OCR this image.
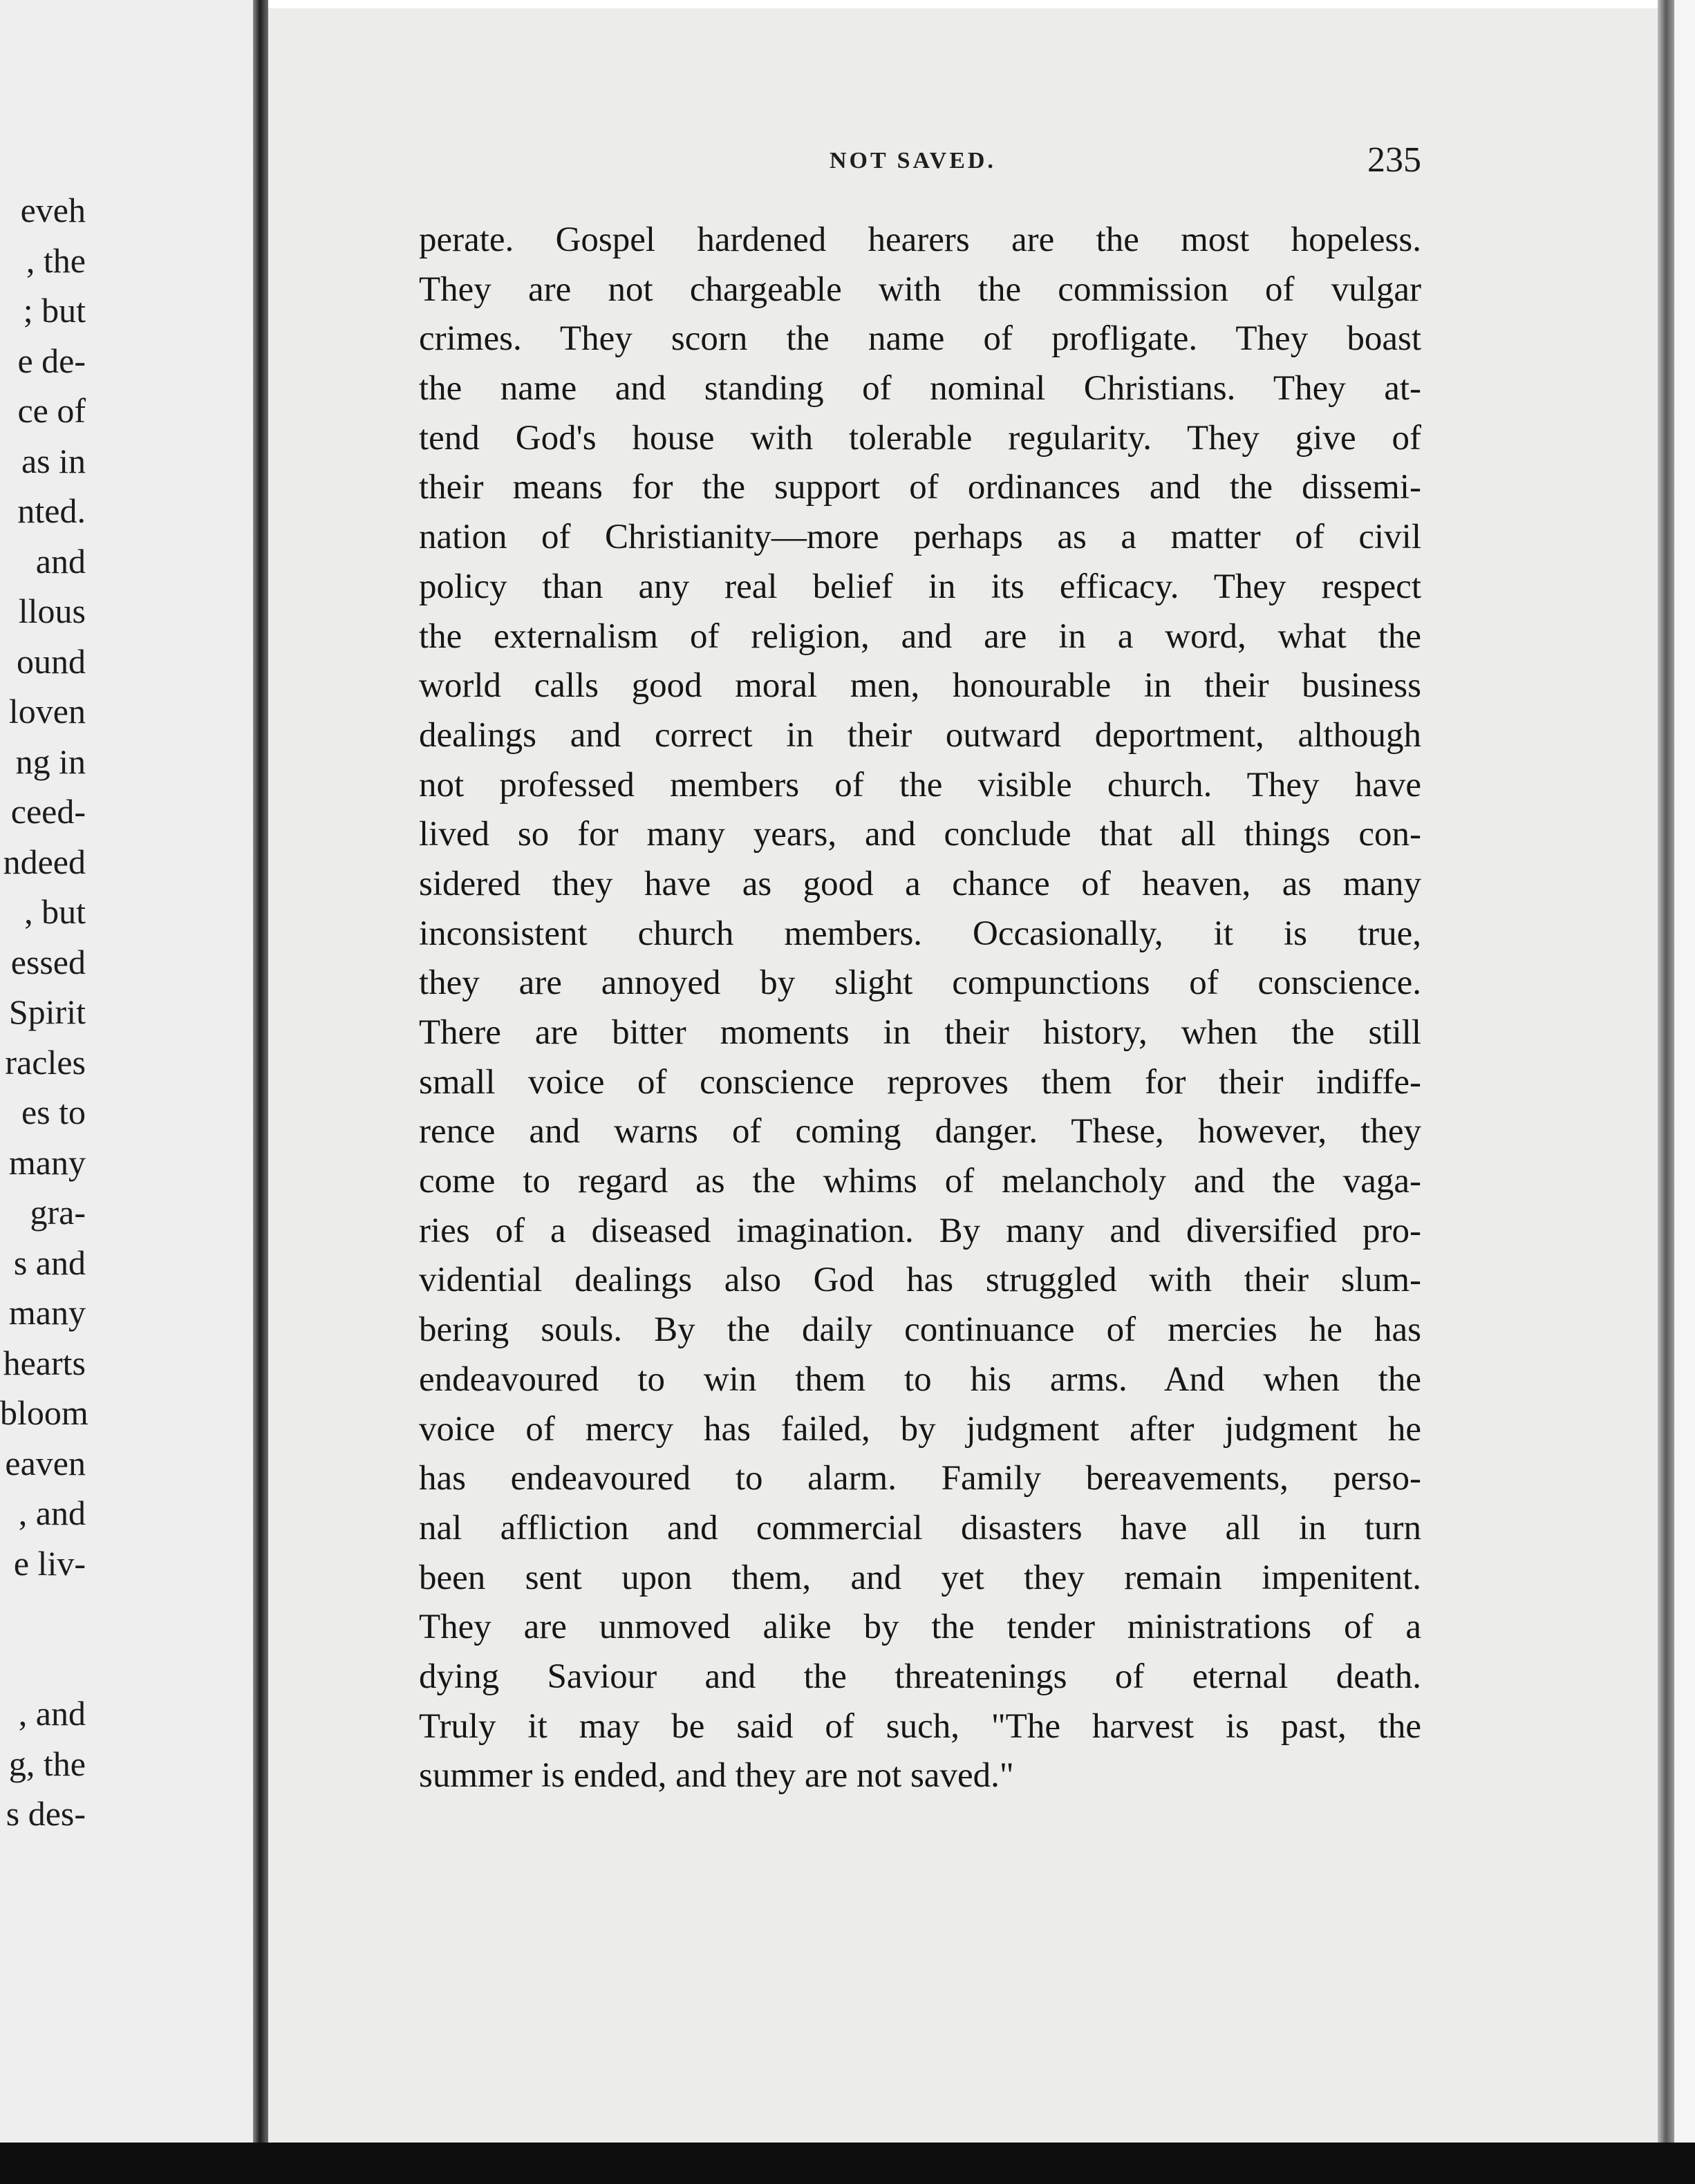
eveh
, the
; but
e de-
ce of
as in
nted.
and
llous
ound
loven
ng in
ceed-
ndeed
, but
essed
Spirit
racles
es to
many
gra-
s and
many
hearts
bloom
eaven
, and
e liv-
, and
g, the
s des-
NOT SAVED.	235
perate. Gospel hardened hearers are the most hopeless.
They are not chargeable with the commission of vulgar
crimes. They scorn the name of profligate. They boast
the name and standing of nominal Christians. They at-
tend God's house with tolerable regularity. They give of
their means for the support of ordinances and the dissemi-
nation of Christianity—more perhaps as a matter of civil
policy than any real belief in its efficacy. They respect
the externalism of religion, and are in a word, what the
world calls good moral men, honourable in their business
dealings and correct in their outward deportment, although
not professed members of the visible church. They have
lived so for many years, and conclude that all things con-
sidered they have as good a chance of heaven, as many
inconsistent church members. Occasionally, it is true,
they are annoyed by slight compunctions of conscience.
There are bitter moments in their history, when the still
small voice of conscience reproves them for their indiffe-
rence and warns of coming danger. These, however, they
come to regard as the whims of melancholy and the vaga-
ries of a diseased imagination. By many and diversified pro-
vidential dealings also God has struggled with their slum-
bering souls. By the daily continuance of mercies he has
endeavoured to win them to his arms. And when the
voice of mercy has failed, by judgment after judgment he
has endeavoured to alarm. Family bereavements, perso-
nal affliction and commercial disasters have all in turn
been sent upon them, and yet they remain impenitent.
They are unmoved alike by the tender ministrations of a
dying Saviour and the threatenings of eternal death.
Truly it may be said of such, "The harvest is past, the
summer is ended, and they are not saved."
